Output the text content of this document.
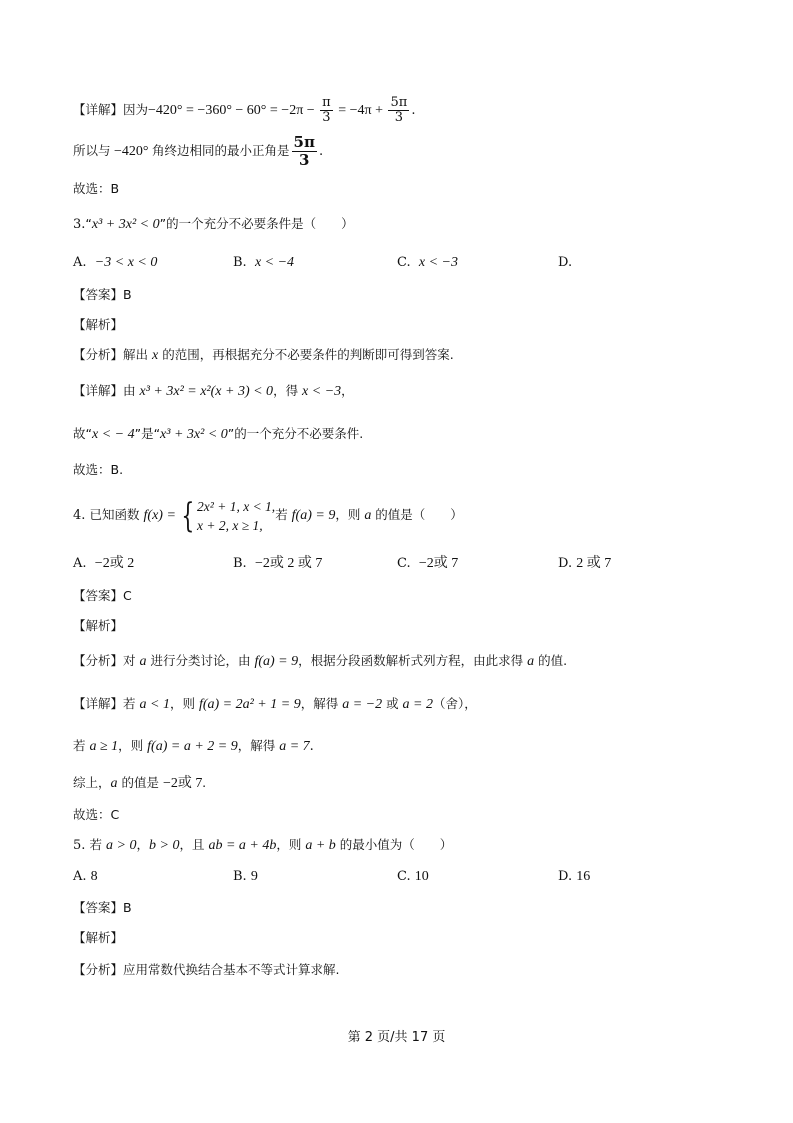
【详解】因为$-420^\circ = -360^\circ - 60^\circ = -2\pi - \frac{\pi}{3} = -4\pi + \frac{5\pi}{3}$ .
所以与 −420° 角终边相同的最小正角是 $\frac{5\pi}{3}$ .
故选：B
3.“x³ + 3x² < 0”的一个充分不必要条件是（　　）
A. −3 < x < 0	B. x < −4	C. x < −3	D.
【答案】B
【解析】
【分析】解出 x 的范围，再根据充分不必要条件的判断即可得到答案.
【详解】由 x³ + 3x² = x²(x + 3) < 0，得 x < −3，
故“x < − 4”是“x³ + 3x² < 0”的一个充分不必要条件.
故选：B.
4. 已知函数 f(x) = { 2x² + 1, x < 1,
x + 2, x ≥ 1,
若 f(a) = 9，则 a 的值是（　　）
A. −2或 2	B. −2或 2 或 7	C. −2或 7	D. 2 或 7
【答案】C
【解析】
【分析】对 a 进行分类讨论，由 f(a) = 9，根据分段函数解析式列方程，由此求得 a 的值.
【详解】若 a < 1，则 f(a) = 2a² + 1 = 9，解得 a = −2 或 a = 2（舍），
若 a ≥ 1，则 f(a) = a + 2 = 9，解得 a = 7.
综上，a 的值是 −2或 7.
故选：C
5. 若 a > 0，b > 0，且 ab = a + 4b，则 a + b 的最小值为（　　）
A. 8	B. 9	C. 10	D. 16
【答案】B
【解析】
【分析】应用常数代换结合基本不等式计算求解.
第 2 页/共 17 页
